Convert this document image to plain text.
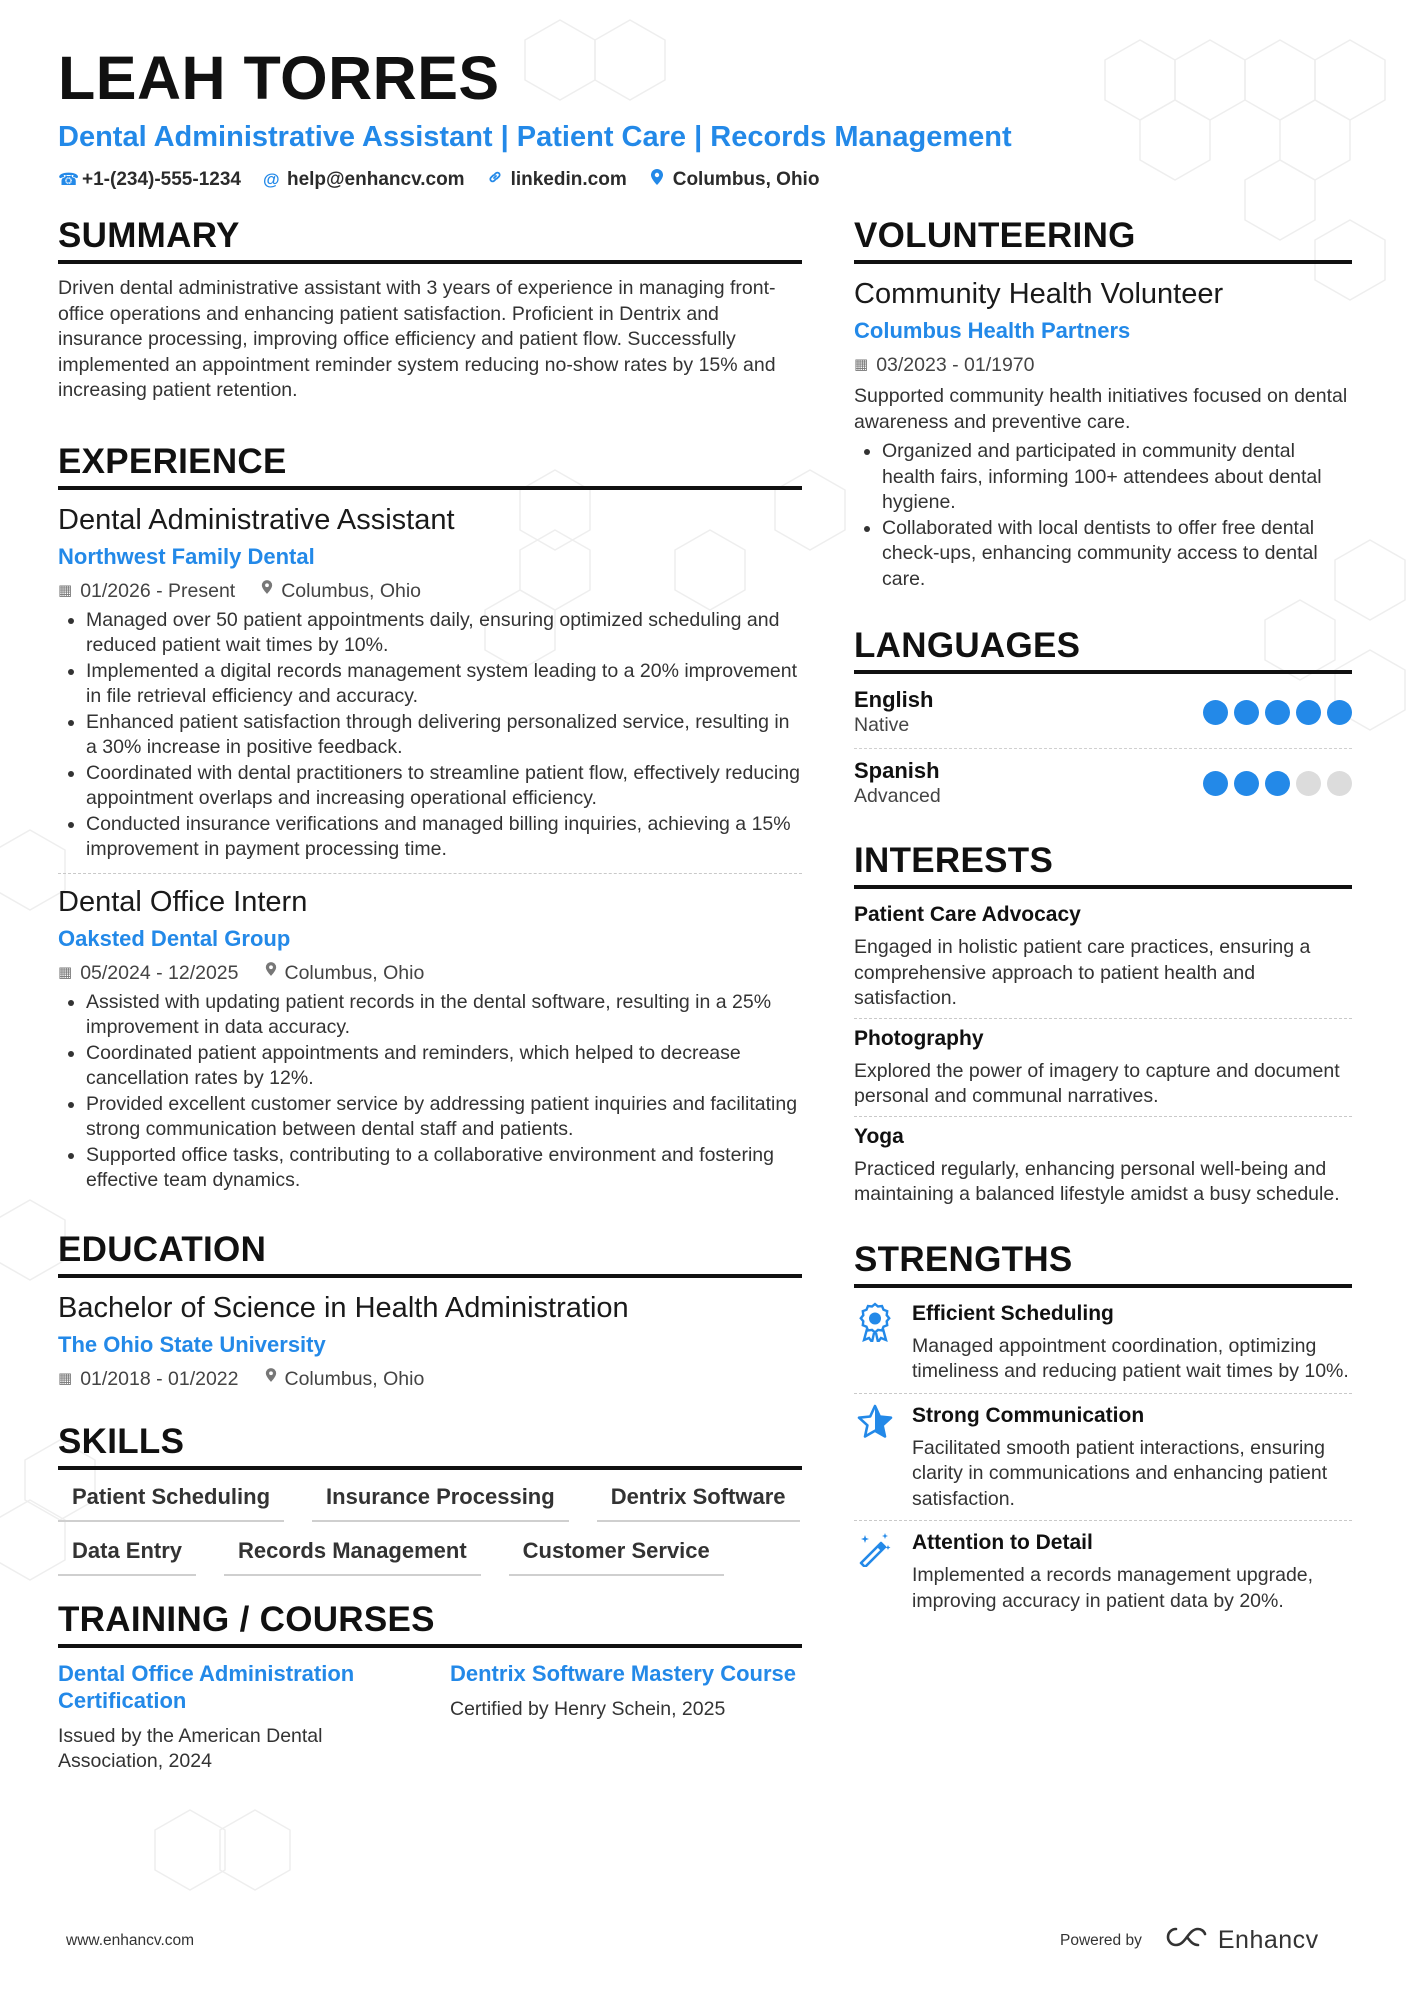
LEAH TORRES
Dental Administrative Assistant | Patient Care | Records Management
☎ +1-(234)-555-1234 @ help@enhancv.com linkedin.com Columbus, Ohio
SUMMARY

Driven dental administrative assistant with 3 years of experience in managing front-office operations and enhancing patient satisfaction. Proficient in Dentrix and insurance processing, improving office efficiency and patient flow. Successfully implemented an appointment reminder system reducing no-show rates by 15% and increasing patient retention.

EXPERIENCE
Dental Administrative Assistant
Northwest Family Dental
▦ 01/2026 - Present Columbus, Ohio
• Managed over 50 patient appointments daily, ensuring optimized scheduling and reduced patient wait times by 10%.
• Implemented a digital records management system leading to a 20% improvement in file retrieval efficiency and accuracy.
• Enhanced patient satisfaction through delivering personalized service, resulting in a 30% increase in positive feedback.
• Coordinated with dental practitioners to streamline patient flow, effectively reducing appointment overlaps and increasing operational efficiency.
• Conducted insurance verifications and managed billing inquiries, achieving a 15% improvement in payment processing time.
Dental Office Intern
Oaksted Dental Group
▦ 05/2024 - 12/2025 Columbus, Ohio
• Assisted with updating patient records in the dental software, resulting in a 25% improvement in data accuracy.
• Coordinated patient appointments and reminders, which helped to decrease cancellation rates by 12%.
• Provided excellent customer service by addressing patient inquiries and facilitating strong communication between dental staff and patients.
• Supported office tasks, contributing to a collaborative environment and fostering effective team dynamics.
EDUCATION
Bachelor of Science in Health Administration
The Ohio State University
▦ 01/2018 - 01/2022 Columbus, Ohio
SKILLS
Patient Scheduling	Insurance Processing	Dentrix Software
Data Entry	Records Management	Customer Service
TRAINING / COURSES
Dental Office Administration Certification
Issued by the American Dental Association, 2024
Dentrix Software Mastery Course
Certified by Henry Schein, 2025
VOLUNTEERING
Community Health Volunteer
Columbus Health Partners
▦ 03/2023 - 01/1970

Supported community health initiatives focused on dental awareness and preventive care.

• Organized and participated in community dental health fairs, informing 100+ attendees about dental hygiene.
• Collaborated with local dentists to offer free dental check-ups, enhancing community access to dental care.
LANGUAGES
English
Native
Spanish
Advanced
INTERESTS
Patient Care Advocacy
Engaged in holistic patient care practices, ensuring a comprehensive approach to patient health and satisfaction.
Photography
Explored the power of imagery to capture and document personal and communal narratives.
Yoga
Practiced regularly, enhancing personal well-being and maintaining a balanced lifestyle amidst a busy schedule.
STRENGTHS
Efficient Scheduling
Managed appointment coordination, optimizing timeliness and reducing patient wait times by 10%.
Strong Communication
Facilitated smooth patient interactions, ensuring clarity in communications and enhancing patient satisfaction.
Attention to Detail
Implemented a records management upgrade, improving accuracy in patient data by 20%.
www.enhancv.com	Powered by	Enhancv
